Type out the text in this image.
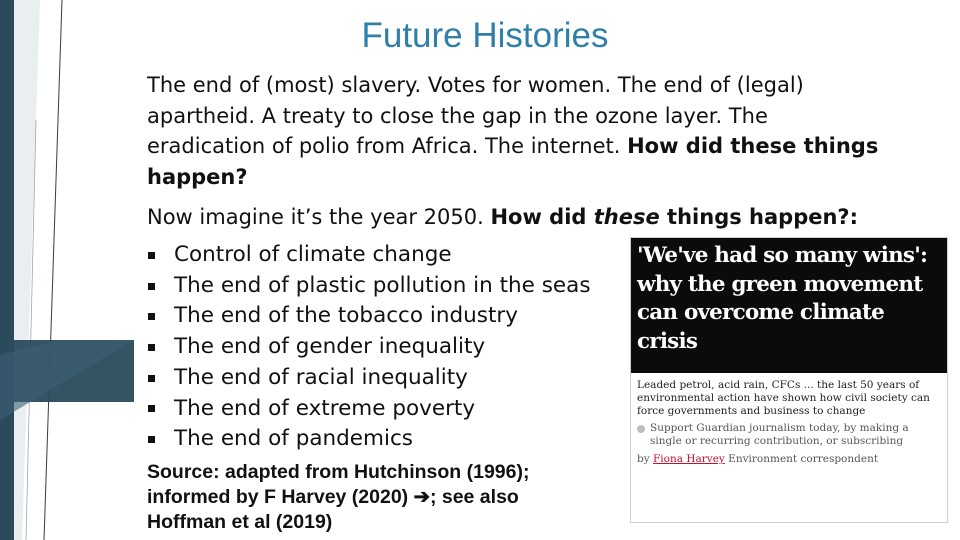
Future Histories
The end of (most) slavery. Votes for women. The end of (legal) apartheid. A treaty to close the gap in the ozone layer. The eradication of polio from Africa. The internet. How did these things happen?
Now imagine it’s the year 2050. How did these things happen?:
Control of climate change
The end of plastic pollution in the seas
The end of the tobacco industry
The end of gender inequality
The end of racial inequality
The end of extreme poverty
The end of pandemics
Source: adapted from Hutchinson (1996);
informed by F Harvey (2020) ➔; see also
Hoffman et al (2019)
'We've had so many wins': why the green movement can overcome climate crisis
Leaded petrol, acid rain, CFCs ... the last 50 years of environmental action have shown how civil society can force governments and business to change
Support Guardian journalism today, by making a single or recurring contribution, or subscribing
by Fiona Harvey Environment correspondent
